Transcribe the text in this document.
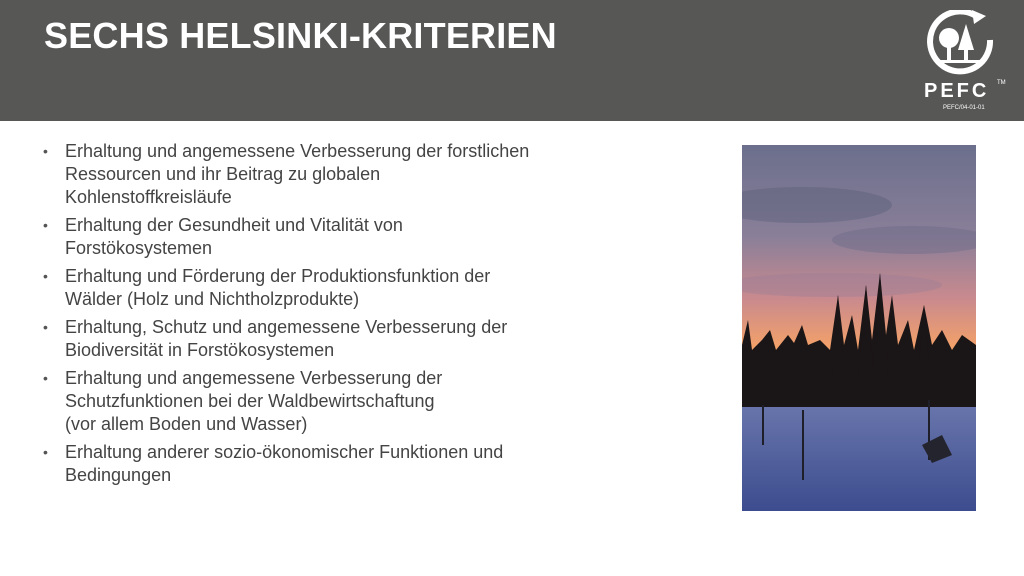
SECHS HELSINKI-KRITERIEN
PEFC TM
PEFC/04-01-01
• Erhaltung und angemessene Verbesserung der forstlichen
Ressourcen und ihr Beitrag zu globalen
Kohlenstoffkreisläufe
• Erhaltung der Gesundheit und Vitalität von
Forstökosystemen
• Erhaltung und Förderung der Produktionsfunktion der
Wälder (Holz und Nichtholzprodukte)
• Erhaltung, Schutz und angemessene Verbesserung der
Biodiversität in Forstökosystemen
• Erhaltung und angemessene Verbesserung der
Schutzfunktionen bei der Waldbewirtschaftung
(vor allem Boden und Wasser)
• Erhaltung anderer sozio-ökonomischer Funktionen und
Bedingungen
